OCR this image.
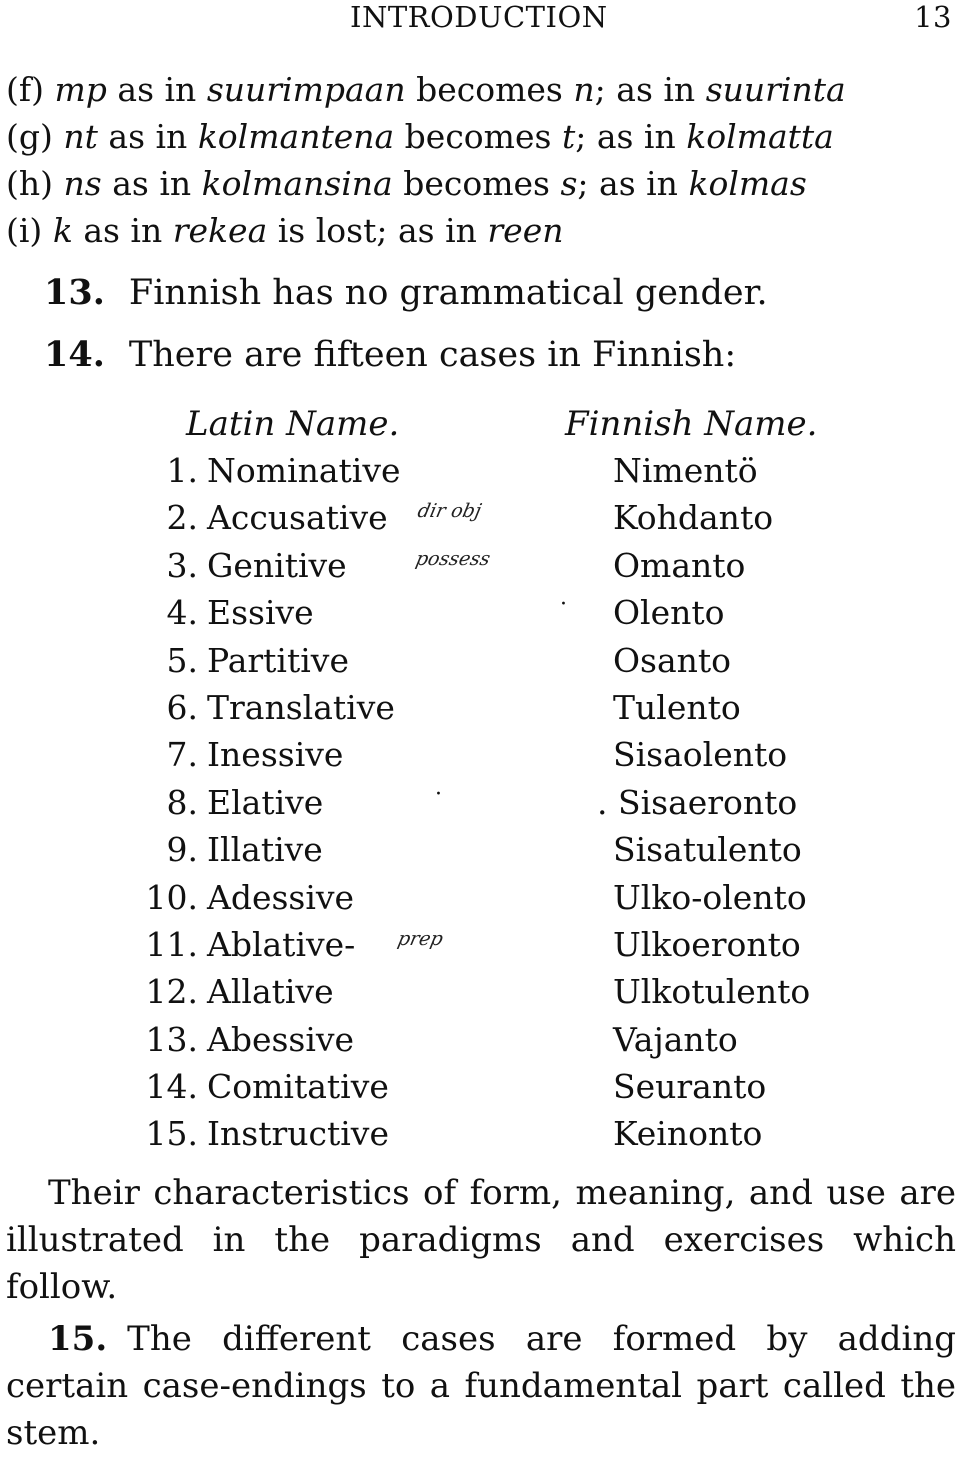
INTRODUCTION	13
(f) mp as in suurimpaan becomes n; as in suurinta
(g) nt as in kolmantena becomes t; as in kolmatta
(h) ns as in kolmansina becomes s; as in kolmas
(i) k as in rekea is lost; as in reen
13. Finnish has no grammatical gender.
14. There are fifteen cases in Finnish:
Latin Name.	Finnish Name.
1. Nominative	Nimentö
2. Accusative	Kohdanto
3. Genitive	Omanto
4. Essive	Olento
5. Partitive	Osanto
6. Translative	Tulento
7. Inessive	Sisaolento
8. Elative	. Sisaeronto
9. Illative	Sisatulento
10. Adessive	Ulko-olento
11. Ablative-	Ulkoeronto
12. Allative	Ulkotulento
13. Abessive	Vajanto
14. Comitative	Seuranto
15. Instructive	Keinonto
dir obj
possess
prep
·
·
Their characteristics of form, meaning, and use are illustrated in the paradigms and exercises which follow.
15. The different cases are formed by adding certain case-endings to a fundamental part called the stem.
